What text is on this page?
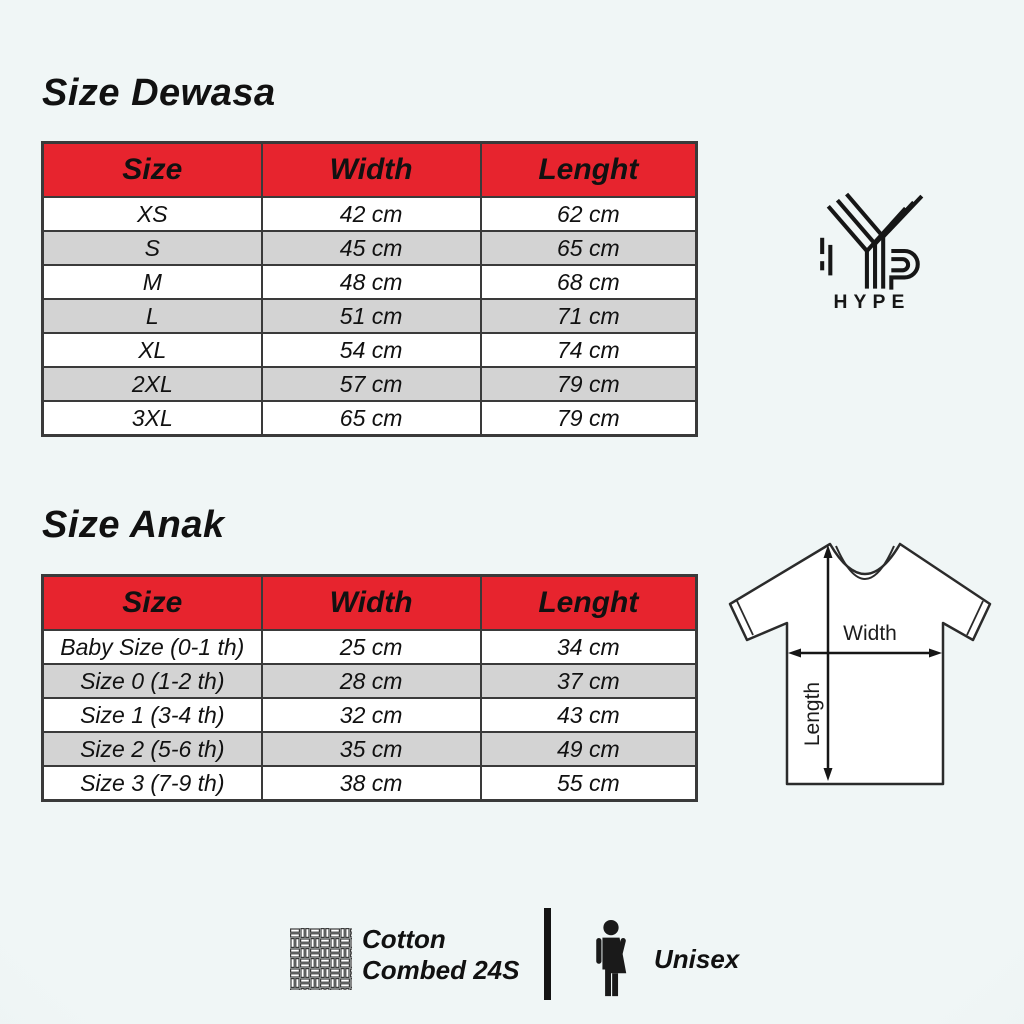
Size Dewasa
Size	Width	Lenght
XS	42 cm	62 cm
S	45 cm	65 cm
M	48 cm	68 cm
L	51 cm	71 cm
XL	54 cm	74 cm
2XL	57 cm	79 cm
3XL	65 cm	79 cm
HYPE
Size Anak
Size	Width	Lenght
Baby Size (0-1 th)	25 cm	34 cm
Size 0 (1-2 th)	28 cm	37 cm
Size 1 (3-4 th)	32 cm	43 cm
Size 2 (5-6 th)	35 cm	49 cm
Size 3 (7-9 th)	38 cm	55 cm
Width
Length
Cotton
Combed 24S	Unisex
